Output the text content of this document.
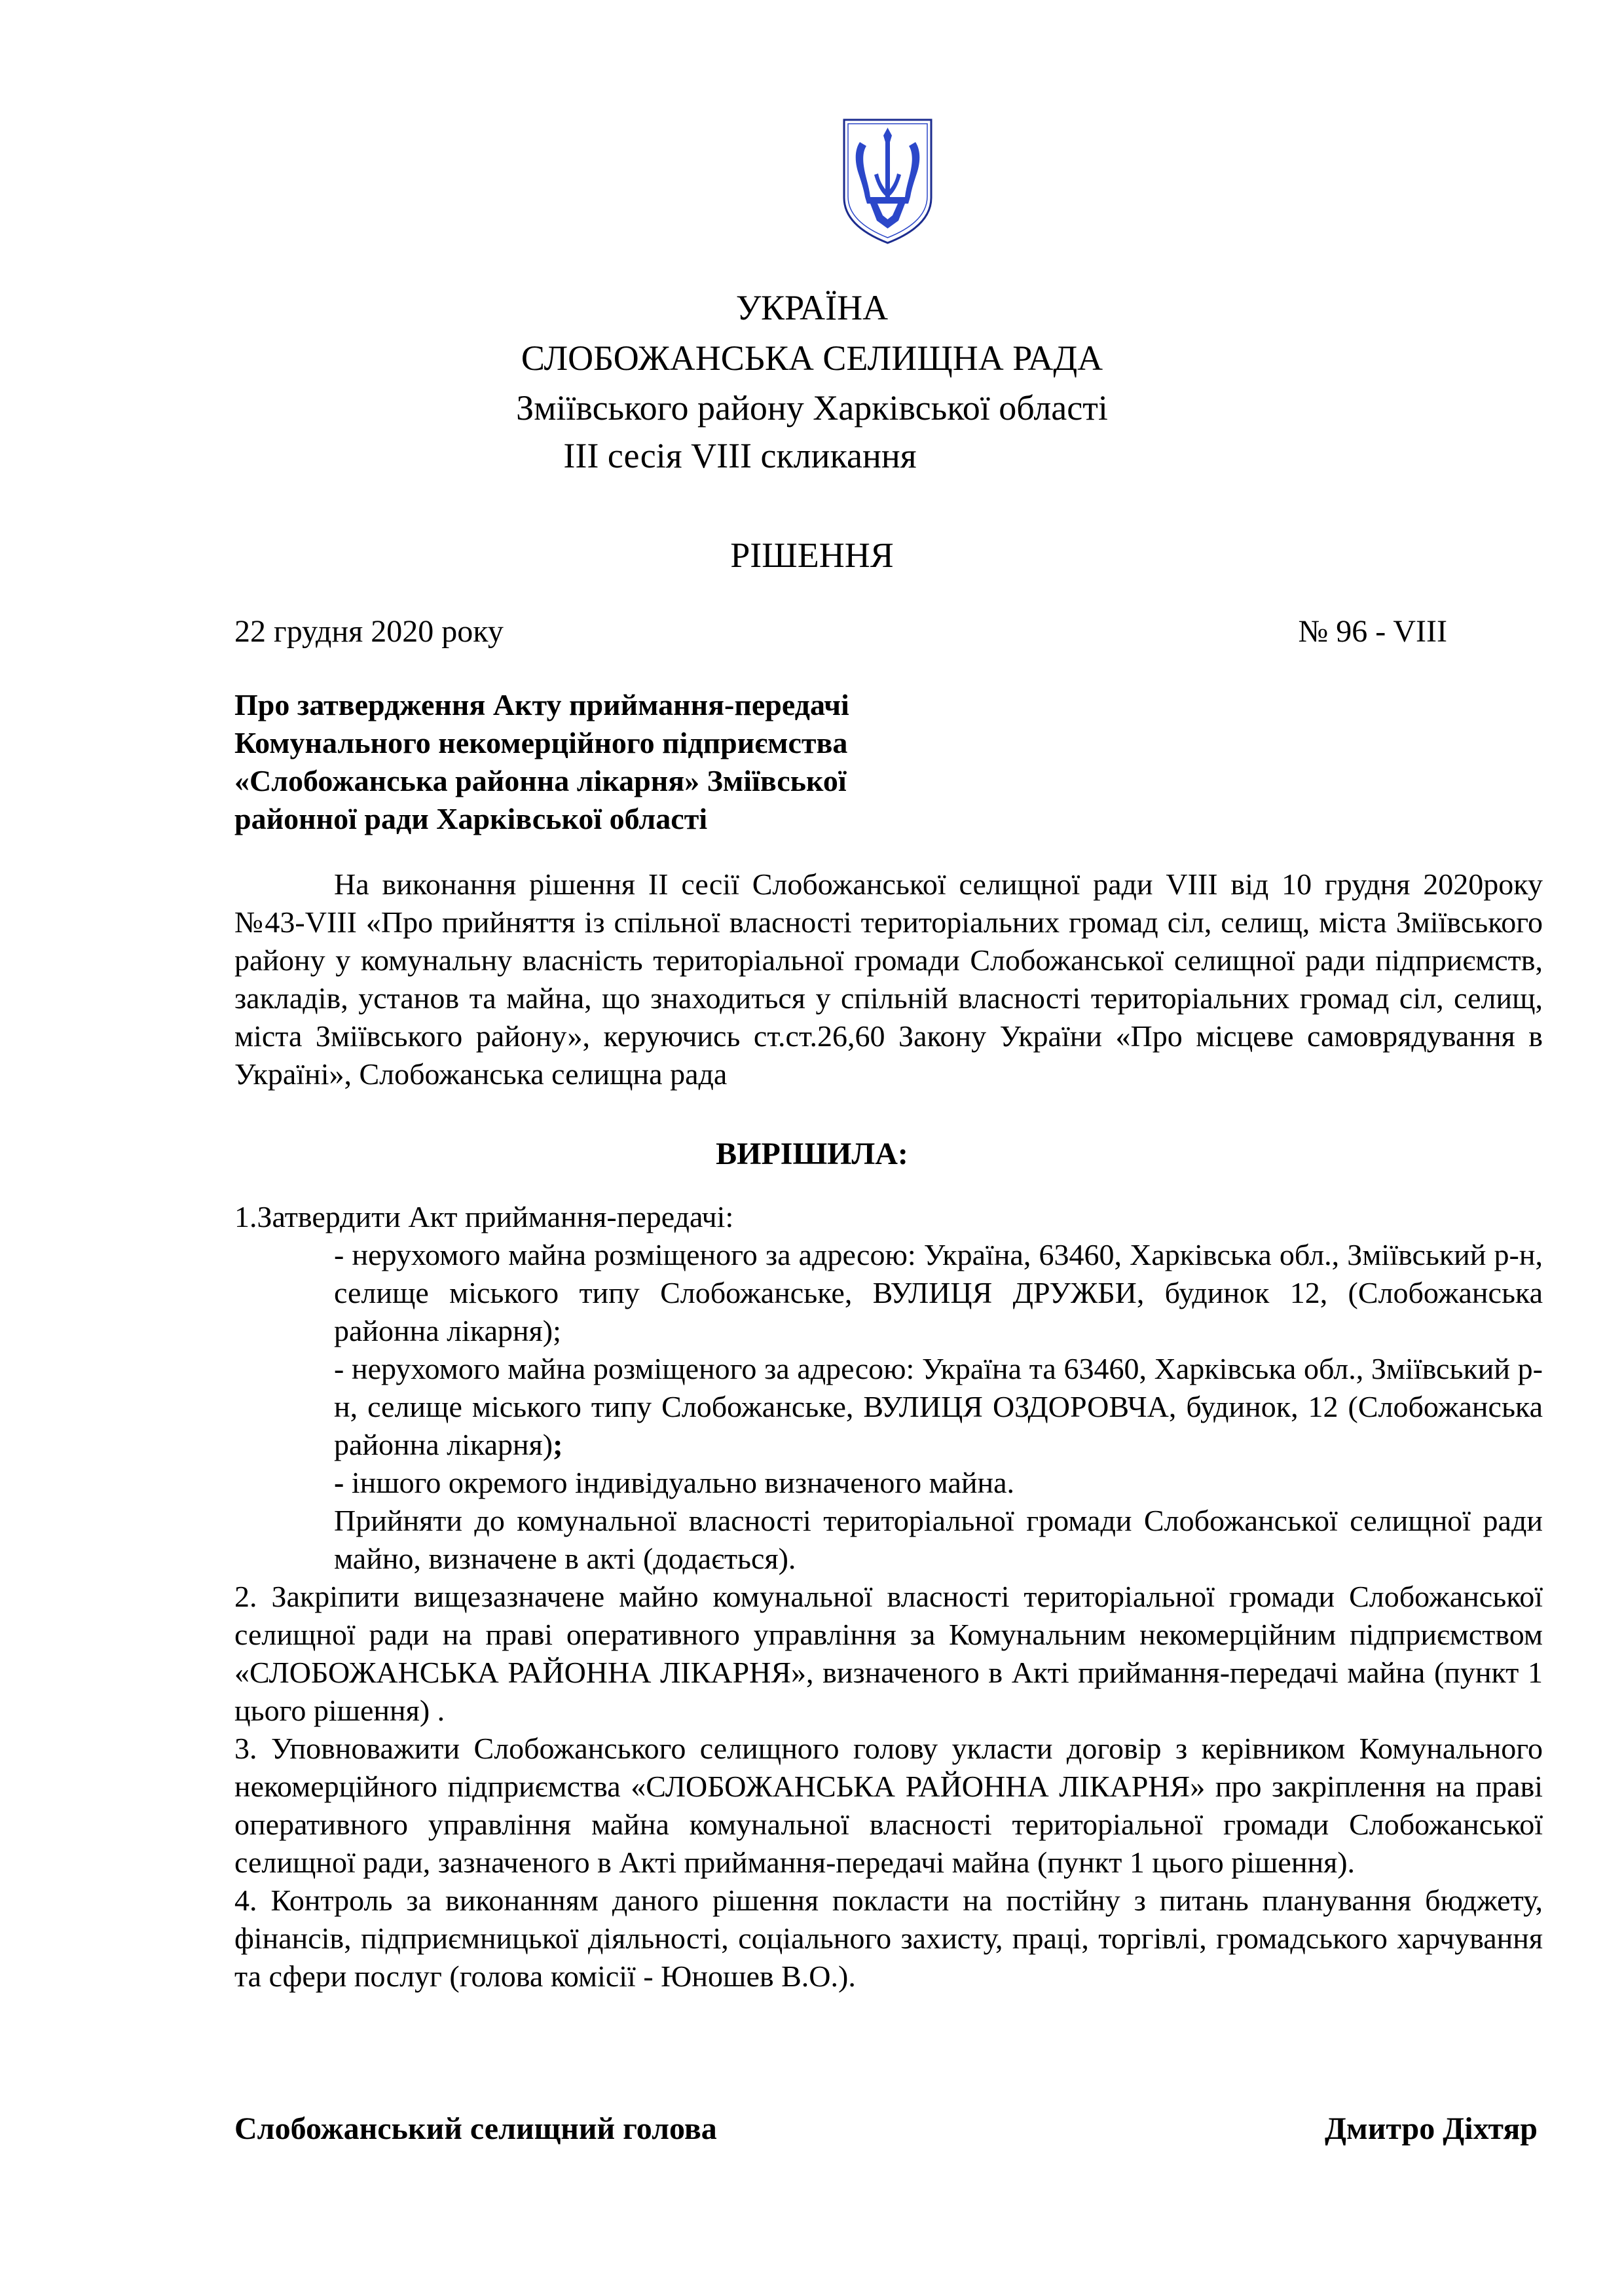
УКРАЇНА
СЛОБОЖАНСЬКА СЕЛИЩНА РАДА
Зміївського району Харківської області
ІІІ сесія VIII скликання
РІШЕННЯ
22 грудня 2020 року	№ 96 - VIII
Про затвердження Акту приймання-передачі
Комунального некомерційного підприємства
«Слобожанська районна лікарня» Зміївської
районної ради Харківської області
На виконання рішення ІІ сесії Слобожанської селищної ради VIII від 10 грудня 2020року №43-VIII «Про прийняття із спільної власності територіальних громад сіл, селищ, міста Зміївського району у комунальну власність територіальної громади Слобожанської селищної ради підприємств, закладів, установ та майна, що знаходиться у спільній власності територіальних громад сіл, селищ, міста Зміївського району», керуючись ст.ст.26,60 Закону України «Про місцеве самоврядування в Україні», Слобожанська селищна рада
ВИРІШИЛА:

1.Затвердити Акт приймання-передачі:

- нерухомого майна розміщеного за адресою: Україна, 63460, Харківська обл., Зміївський р-н, селище міського типу Слобожанське, ВУЛИЦЯ ДРУЖБИ, будинок 12, (Слобожанська районна лікарня);

- нерухомого майна розміщеного за адресою: Україна та 63460, Харківська обл., Зміївський р-н, селище міського типу Слобожанське, ВУЛИЦЯ ОЗДОРОВЧА, будинок, 12 (Слобожанська районна лікарня);

- іншого окремого індивідуально визначеного майна.

Прийняти до комунальної власності територіальної громади Слобожанської селищної ради майно, визначене в акті (додається).

2. Закріпити вищезазначене майно комунальної власності територіальної громади Слобожанської селищної ради на праві оперативного управління за Комунальним некомерційним підприємством «СЛОБОЖАНСЬКА РАЙОННА ЛІКАРНЯ», визначеного в Акті приймання-передачі майна (пункт 1 цього рішення) .

3. Уповноважити Слобожанського селищного голову укласти договір з керівником Комунального некомерційного підприємства «СЛОБОЖАНСЬКА РАЙОННА ЛІКАРНЯ» про закріплення на праві оперативного управління майна комунальної власності територіальної громади Слобожанської селищної ради, зазначеного в Акті приймання-передачі майна (пункт 1 цього рішення).

4. Контроль за виконанням даного рішення покласти на постійну з питань планування бюджету, фінансів, підприємницької діяльності, соціального захисту, праці, торгівлі, громадського харчування та сфери послуг (голова комісії - Юношев В.О.).

Слобожанський селищний голова	Дмитро Діхтяр
